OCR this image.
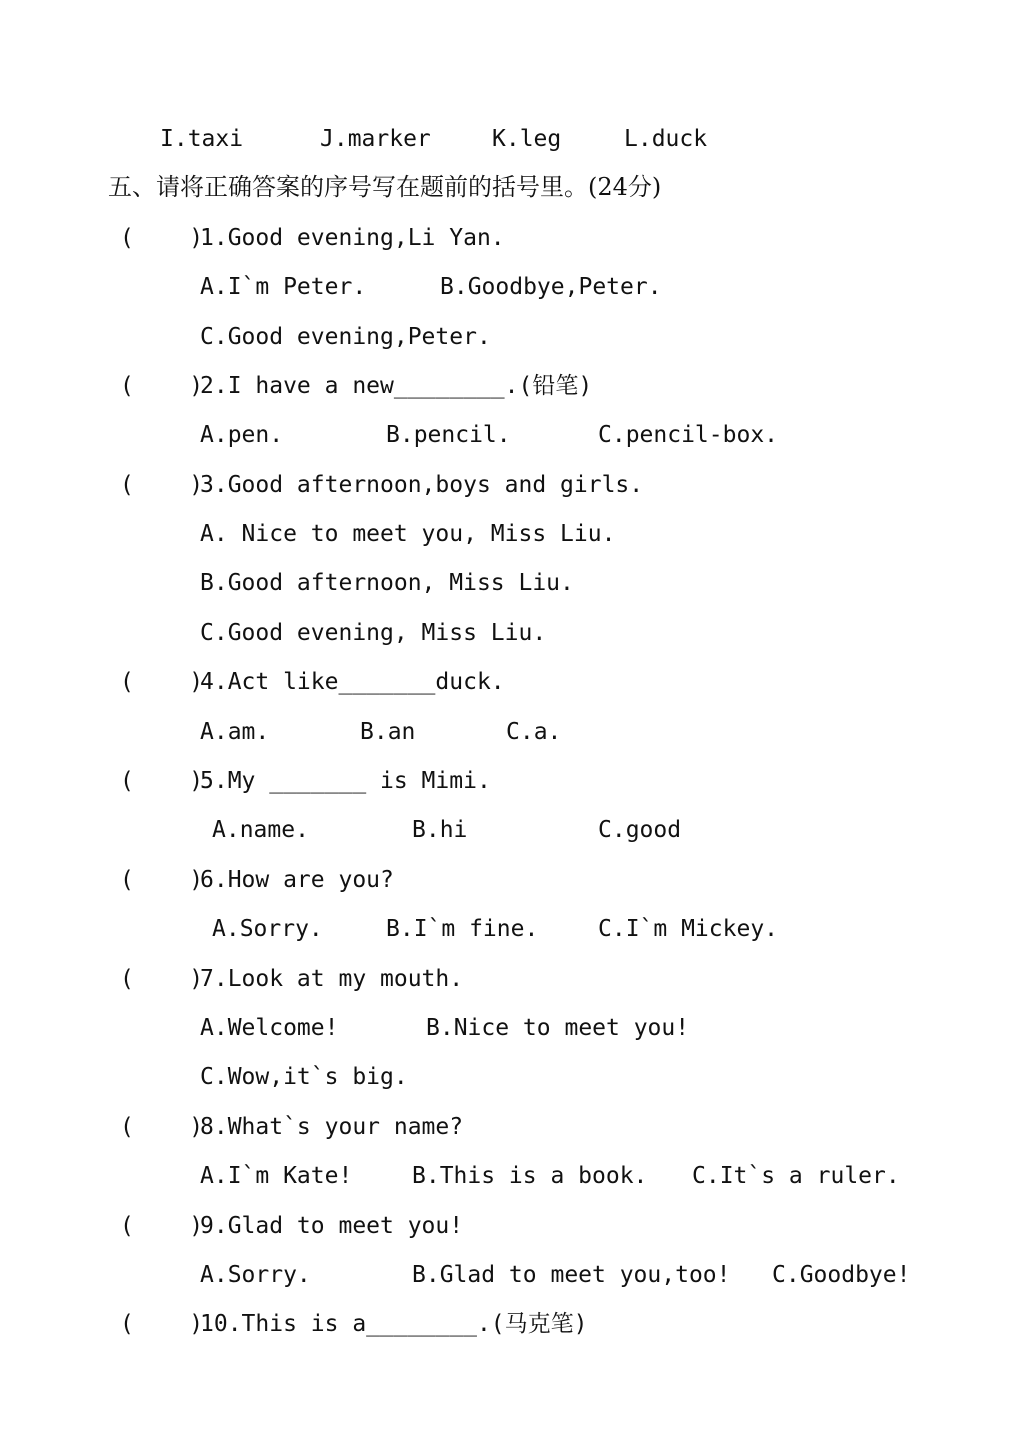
I.taxi	J.marker	K.leg	L.duck
五、请将正确答案的序号写在题前的括号里。(24分)
(    )
1.Good evening,Li Yan.
A.I`m Peter.	B.Goodbye,Peter.
C.Good evening,Peter.
(    )
2.I have a new________.(铅笔)
A.pen.	B.pencil.	C.pencil-box.
(    )
3.Good afternoon,boys and girls.
A. Nice to meet you, Miss Liu.
B.Good afternoon, Miss Liu.
C.Good evening, Miss Liu.
(    )
4.Act like_______duck.
A.am.	B.an	C.a.
(    )
5.My _______ is Mimi.
A.name.	B.hi	C.good
(    )
6.How are you?
A.Sorry.	B.I`m fine.	C.I`m Mickey.
(    )
7.Look at my mouth.
A.Welcome!	B.Nice to meet you!
C.Wow,it`s big.
(    )
8.What`s your name?
A.I`m Kate!	B.This is a book. C.It`s a ruler.
(    )
9.Glad to meet you!
A.Sorry.	B.Glad to meet you,too! C.Goodbye!
(    )
10.This is a________.(马克笔)
